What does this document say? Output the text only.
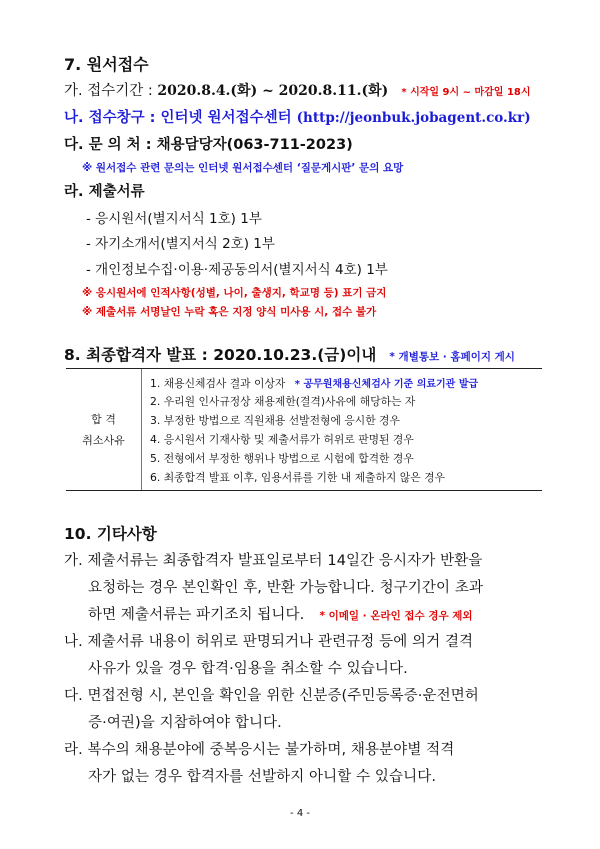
7. 원서접수
가. 접수기간 : 2020.8.4.(화) ~ 2020.8.11.(화) * 시작일 9시 ~ 마감일 18시
나. 접수창구 : 인터넷 원서접수센터 (http://jeonbuk.jobagent.co.kr)
다. 문 의 처 : 채용담당자(063-711-2023)
※ 원서접수 관련 문의는 인터넷 원서접수센터 ‘질문게시판’ 문의 요망
라. 제출서류
- 응시원서(별지서식 1호) 1부
- 자기소개서(별지서식 2호) 1부
- 개인정보수집·이용·제공동의서(별지서식 4호) 1부
※ 응시원서에 인적사항(성별, 나이, 출생지, 학교명 등) 표기 금지
※ 제출서류 서명날인 누락 혹은 지정 양식 미사용 시, 접수 불가
8. 최종합격자 발표 : 2020.10.23.(금)이내 * 개별통보 · 홈페이지 게시
합 격
취소사유
1. 채용신체검사 결과 이상자 * 공무원채용신체검사 기준 의료기관 발급
2. 우리원 인사규정상 채용제한(결격)사유에 해당하는 자
3. 부정한 방법으로 직원채용 선발전형에 응시한 경우
4. 응시원서 기재사항 및 제출서류가 허위로 판명된 경우
5. 전형에서 부정한 행위나 방법으로 시험에 합격한 경우
6. 최종합격 발표 이후, 임용서류를 기한 내 제출하지 않은 경우
10. 기타사항
가. 제출서류는 최종합격자 발표일로부터 14일간 응시자가 반환을
요청하는 경우 본인확인 후, 반환 가능합니다. 청구기간이 초과
하면 제출서류는 파기조치 됩니다. * 이메일 · 온라인 접수 경우 제외
나. 제출서류 내용이 허위로 판명되거나 관련규정 등에 의거 결격
사유가 있을 경우 합격·임용을 취소할 수 있습니다.
다. 면접전형 시, 본인을 확인을 위한 신분증(주민등록증·운전면허
증·여권)을 지참하여야 합니다.
라. 복수의 채용분야에 중복응시는 불가하며, 채용분야별 적격
자가 없는 경우 합격자를 선발하지 아니할 수 있습니다.
- 4 -
